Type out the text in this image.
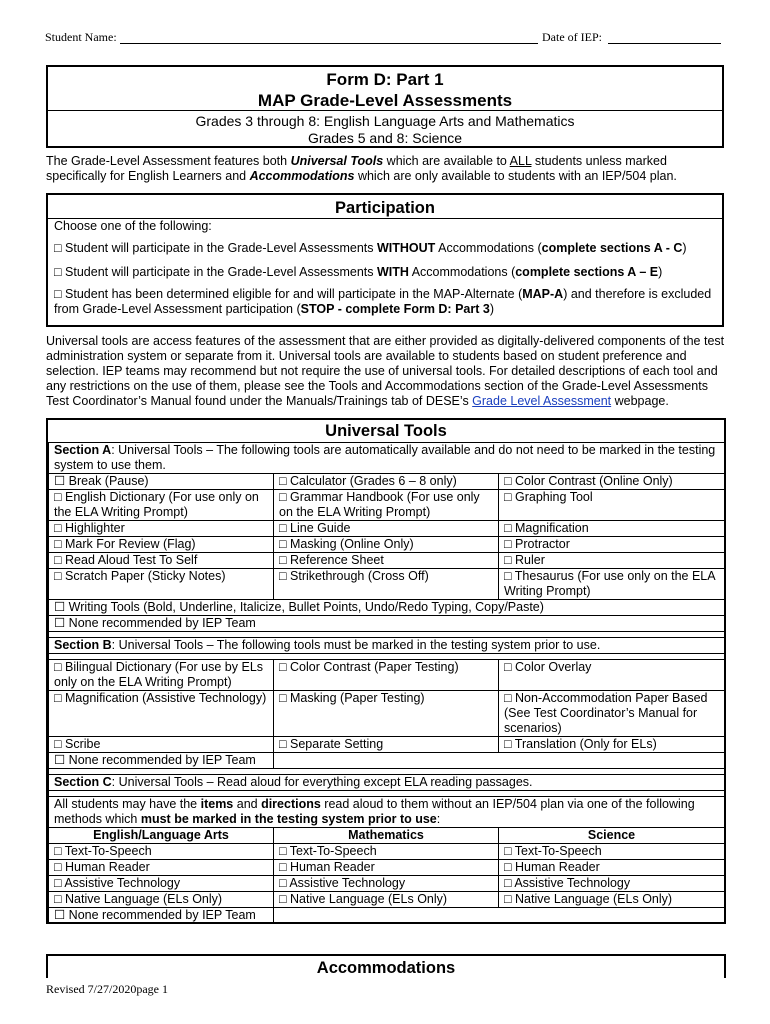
Student Name:	Date of IEP:
Form D: Part 1
MAP Grade-Level Assessments
Grades 3 through 8: English Language Arts and Mathematics
Grades 5 and 8: Science
The Grade-Level Assessment features both Universal Tools which are available to ALL students unless marked specifically for English Learners and Accommodations which are only available to students with an IEP/504 plan.
Participation
Choose one of the following:
□ Student will participate in the Grade-Level Assessments WITHOUT Accommodations (complete sections A - C)
□ Student will participate in the Grade-Level Assessments WITH Accommodations (complete sections A – E)
□ Student has been determined eligible for and will participate in the MAP-Alternate (MAP-A) and therefore is excluded from Grade-Level Assessment participation (STOP - complete Form D: Part 3)
Universal tools are access features of the assessment that are either provided as digitally-delivered components of the test administration system or separate from it. Universal tools are available to students based on student preference and selection. IEP teams may recommend but not require the use of universal tools. For detailed descriptions of each tool and any restrictions on the use of them, please see the Tools and Accommodations section of the Grade-Level Assessments Test Coordinator’s Manual found under the Manuals/Trainings tab of DESE’s Grade Level Assessment webpage.
Universal Tools
Section A: Universal Tools – The following tools are automatically available and do not need to be marked in the testing system to use them.		
☐ Break (Pause)	□ Calculator (Grades 6 – 8 only)	□ Color Contrast (Online Only)
□ English Dictionary (For use only on the ELA Writing Prompt)	□ Grammar Handbook (For use only on the ELA Writing Prompt)	□ Graphing Tool
□ Highlighter	□ Line Guide	□ Magnification
□ Mark For Review (Flag)	□ Masking (Online Only)	□ Protractor
□ Read Aloud Test To Self	□ Reference Sheet	□ Ruler
□ Scratch Paper (Sticky Notes)	□ Strikethrough (Cross Off)	□ Thesaurus (For use only on the ELA Writing Prompt)
☐ Writing Tools (Bold, Underline, Italicize, Bullet Points, Undo/Redo Typing, Copy/Paste)		
☐ None recommended by IEP Team		

Section B: Universal Tools – The following tools must be marked in the testing system prior to use.		

□ Bilingual Dictionary (For use by ELs only on the ELA Writing Prompt)	□ Color Contrast (Paper Testing)	□ Color Overlay
□ Magnification (Assistive Technology)	□ Masking (Paper Testing)	□ Non-Accommodation Paper Based (See Test Coordinator’s Manual for scenarios)
□ Scribe	□ Separate Setting	□ Translation (Only for ELs)
☐ None recommended by IEP Team		

Section C: Universal Tools – Read aloud for everything except ELA reading passages.		

All students may have the items and directions read aloud to them without an IEP/504 plan via one of the following methods which must be marked in the testing system prior to use:		
English/Language Arts	Mathematics	Science
□ Text-To-Speech	□ Text-To-Speech	□ Text-To-Speech
□ Human Reader	□ Human Reader	□ Human Reader
□ Assistive Technology	□ Assistive Technology	□ Assistive Technology
□ Native Language (ELs Only)	□ Native Language (ELs Only)	□ Native Language (ELs Only)
☐ None recommended by IEP Team		
Accommodations
Revised 7/27/2020page 1
